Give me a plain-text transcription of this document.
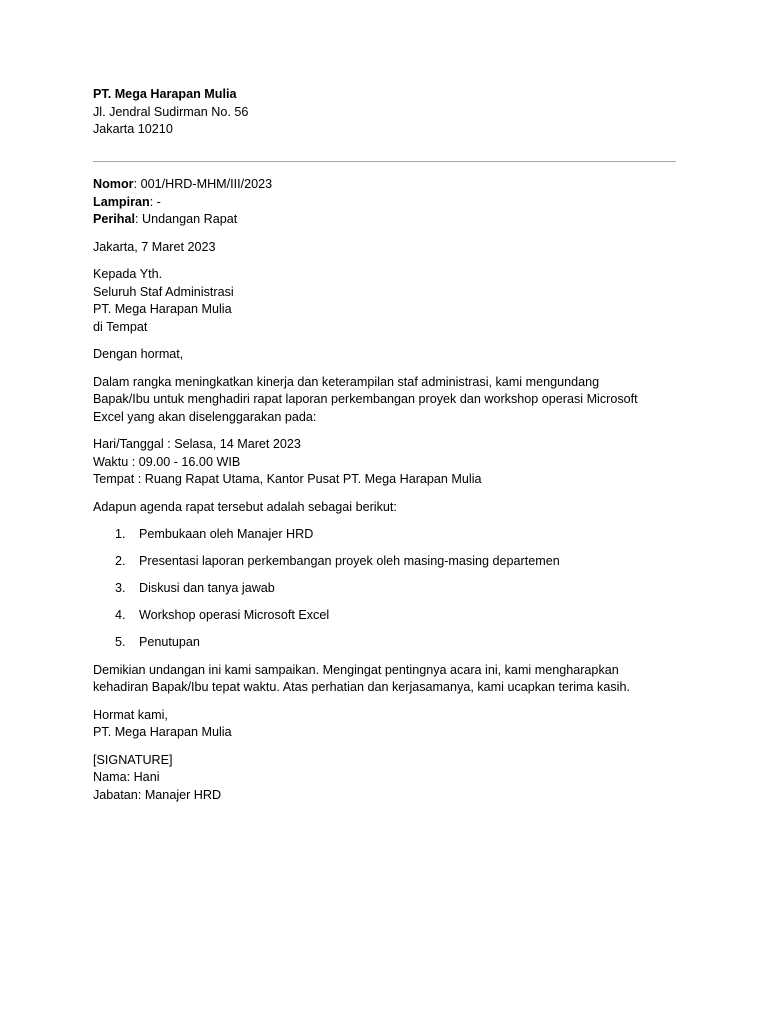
PT. Mega Harapan Mulia
Jl. Jendral Sudirman No. 56
Jakarta 10210
Nomor: 001/HRD-MHM/III/2023
Lampiran: -
Perihal: Undangan Rapat
Jakarta, 7 Maret 2023
Kepada Yth.
Seluruh Staf Administrasi
PT. Mega Harapan Mulia
di Tempat
Dengan hormat,
Dalam rangka meningkatkan kinerja dan keterampilan staf administrasi, kami mengundang
Bapak/Ibu untuk menghadiri rapat laporan perkembangan proyek dan workshop operasi Microsoft
Excel yang akan diselenggarakan pada:
Hari/Tanggal : Selasa, 14 Maret 2023
Waktu : 09.00 - 16.00 WIB
Tempat : Ruang Rapat Utama, Kantor Pusat PT. Mega Harapan Mulia
Adapun agenda rapat tersebut adalah sebagai berikut:
1. Pembukaan oleh Manajer HRD
2. Presentasi laporan perkembangan proyek oleh masing-masing departemen
3. Diskusi dan tanya jawab
4. Workshop operasi Microsoft Excel
5. Penutupan
Demikian undangan ini kami sampaikan. Mengingat pentingnya acara ini, kami mengharapkan
kehadiran Bapak/Ibu tepat waktu. Atas perhatian dan kerjasamanya, kami ucapkan terima kasih.
Hormat kami,
PT. Mega Harapan Mulia
[SIGNATURE]
Nama: Hani
Jabatan: Manajer HRD
